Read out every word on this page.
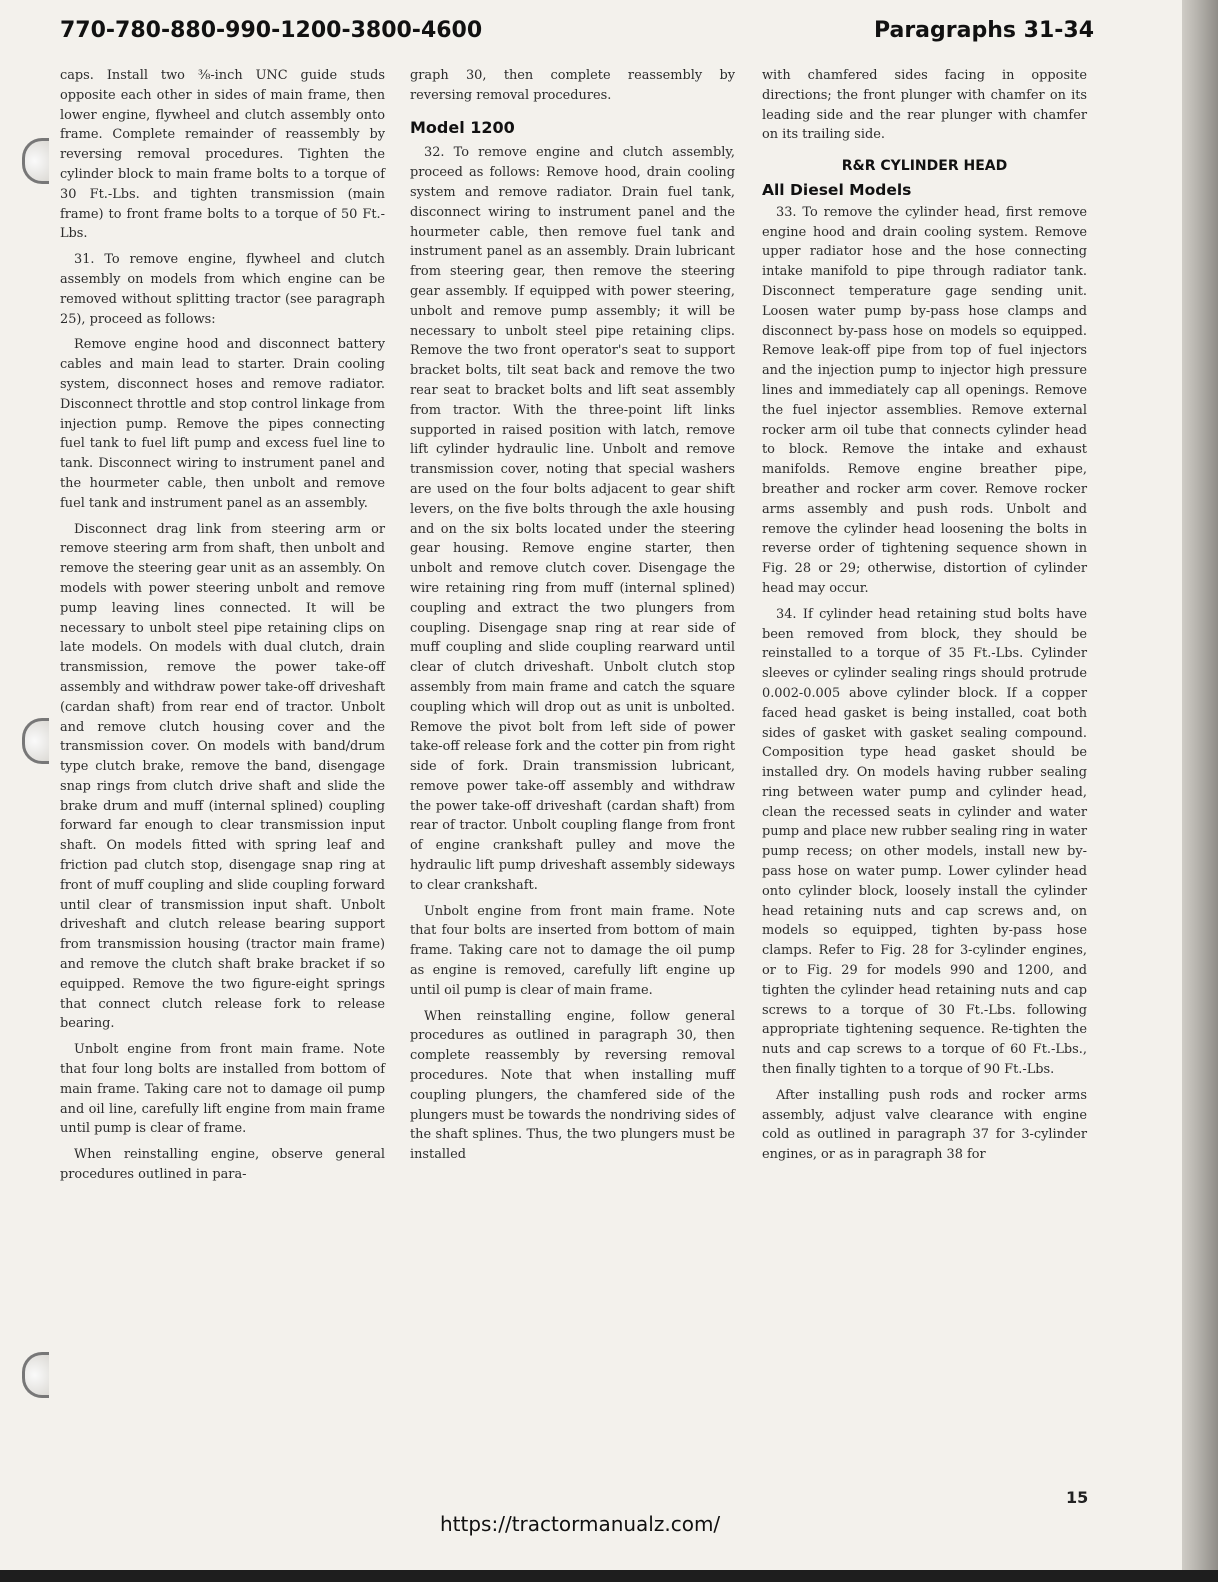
770-780-880-990-1200-3800-4600	Paragraphs 31-34

caps. Install two ⅜-inch UNC guide studs opposite each other in sides of main frame, then lower engine, flywheel and clutch assembly onto frame. Complete remainder of reassembly by reversing removal procedures. Tighten the cylinder block to main frame bolts to a torque of 30 Ft.-Lbs. and tighten transmission (main frame) to front frame bolts to a torque of 50 Ft.-Lbs.

31. To remove engine, flywheel and clutch assembly on models from which engine can be removed without splitting tractor (see paragraph 25), proceed as follows:

Remove engine hood and disconnect battery cables and main lead to starter. Drain cooling system, disconnect hoses and remove radiator. Disconnect throttle and stop control linkage from injection pump. Remove the pipes connecting fuel tank to fuel lift pump and excess fuel line to tank. Disconnect wiring to instrument panel and the hourmeter cable, then unbolt and remove fuel tank and instrument panel as an assembly.

Disconnect drag link from steering arm or remove steering arm from shaft, then unbolt and remove the steering gear unit as an assembly. On models with power steering unbolt and remove pump leaving lines connected. It will be necessary to unbolt steel pipe retaining clips on late models. On models with dual clutch, drain transmission, remove the power take-off assembly and withdraw power take-off driveshaft (cardan shaft) from rear end of tractor. Unbolt and remove clutch housing cover and the transmission cover. On models with band/drum type clutch brake, remove the band, disengage snap rings from clutch drive shaft and slide the brake drum and muff (internal splined) coupling forward far enough to clear transmission input shaft. On models fitted with spring leaf and friction pad clutch stop, disengage snap ring at front of muff coupling and slide coupling forward until clear of transmission input shaft. Unbolt driveshaft and clutch release bearing support from transmission housing (tractor main frame) and remove the clutch shaft brake bracket if so equipped. Remove the two figure-eight springs that connect clutch release fork to release bearing.

Unbolt engine from front main frame. Note that four long bolts are installed from bottom of main frame. Taking care not to damage oil pump and oil line, carefully lift engine from main frame until pump is clear of frame.

When reinstalling engine, observe general procedures outlined in para-

graph 30, then complete reassembly by reversing removal procedures.

Model 1200

32. To remove engine and clutch assembly, proceed as follows: Remove hood, drain cooling system and remove radiator. Drain fuel tank, disconnect wiring to instrument panel and the hourmeter cable, then remove fuel tank and instrument panel as an assembly. Drain lubricant from steering gear, then remove the steering gear assembly. If equipped with power steering, unbolt and remove pump assembly; it will be necessary to unbolt steel pipe retaining clips. Remove the two front operator's seat to support bracket bolts, tilt seat back and remove the two rear seat to bracket bolts and lift seat assembly from tractor. With the three-point lift links supported in raised position with latch, remove lift cylinder hydraulic line. Unbolt and remove transmission cover, noting that special washers are used on the four bolts adjacent to gear shift levers, on the five bolts through the axle housing and on the six bolts located under the steering gear housing. Remove engine starter, then unbolt and remove clutch cover. Disengage the wire retaining ring from muff (internal splined) coupling and extract the two plungers from coupling. Disengage snap ring at rear side of muff coupling and slide coupling rearward until clear of clutch driveshaft. Unbolt clutch stop assembly from main frame and catch the square coupling which will drop out as unit is unbolted. Remove the pivot bolt from left side of power take-off release fork and the cotter pin from right side of fork. Drain transmission lubricant, remove power take-off assembly and withdraw the power take-off driveshaft (cardan shaft) from rear of tractor. Unbolt coupling flange from front of engine crankshaft pulley and move the hydraulic lift pump driveshaft assembly sideways to clear crankshaft.

Unbolt engine from front main frame. Note that four bolts are inserted from bottom of main frame. Taking care not to damage the oil pump as engine is removed, carefully lift engine up until oil pump is clear of main frame.

When reinstalling engine, follow general procedures as outlined in paragraph 30, then complete reassembly by reversing removal procedures. Note that when installing muff coupling plungers, the chamfered side of the plungers must be towards the nondriving sides of the shaft splines. Thus, the two plungers must be installed

with chamfered sides facing in opposite directions; the front plunger with chamfer on its leading side and the rear plunger with chamfer on its trailing side.

R&R CYLINDER HEAD
All Diesel Models

33. To remove the cylinder head, first remove engine hood and drain cooling system. Remove upper radiator hose and the hose connecting intake manifold to pipe through radiator tank. Disconnect temperature gage sending unit. Loosen water pump by-pass hose clamps and disconnect by-pass hose on models so equipped. Remove leak-off pipe from top of fuel injectors and the injection pump to injector high pressure lines and immediately cap all openings. Remove the fuel injector assemblies. Remove external rocker arm oil tube that connects cylinder head to block. Remove the intake and exhaust manifolds. Remove engine breather pipe, breather and rocker arm cover. Remove rocker arms assembly and push rods. Unbolt and remove the cylinder head loosening the bolts in reverse order of tightening sequence shown in Fig. 28 or 29; otherwise, distortion of cylinder head may occur.

34. If cylinder head retaining stud bolts have been removed from block, they should be reinstalled to a torque of 35 Ft.-Lbs. Cylinder sleeves or cylinder sealing rings should protrude 0.002-0.005 above cylinder block. If a copper faced head gasket is being installed, coat both sides of gasket with gasket sealing compound. Composition type head gasket should be installed dry. On models having rubber sealing ring between water pump and cylinder head, clean the recessed seats in cylinder and water pump and place new rubber sealing ring in water pump recess; on other models, install new by-pass hose on water pump. Lower cylinder head onto cylinder block, loosely install the cylinder head retaining nuts and cap screws and, on models so equipped, tighten by-pass hose clamps. Refer to Fig. 28 for 3-cylinder engines, or to Fig. 29 for models 990 and 1200, and tighten the cylinder head retaining nuts and cap screws to a torque of 30 Ft.-Lbs. following appropriate tightening sequence. Re-tighten the nuts and cap screws to a torque of 60 Ft.-Lbs., then finally tighten to a torque of 90 Ft.-Lbs.

After installing push rods and rocker arms assembly, adjust valve clearance with engine cold as outlined in paragraph 37 for 3-cylinder engines, or as in paragraph 38 for

15
https://tractormanualz.com/
